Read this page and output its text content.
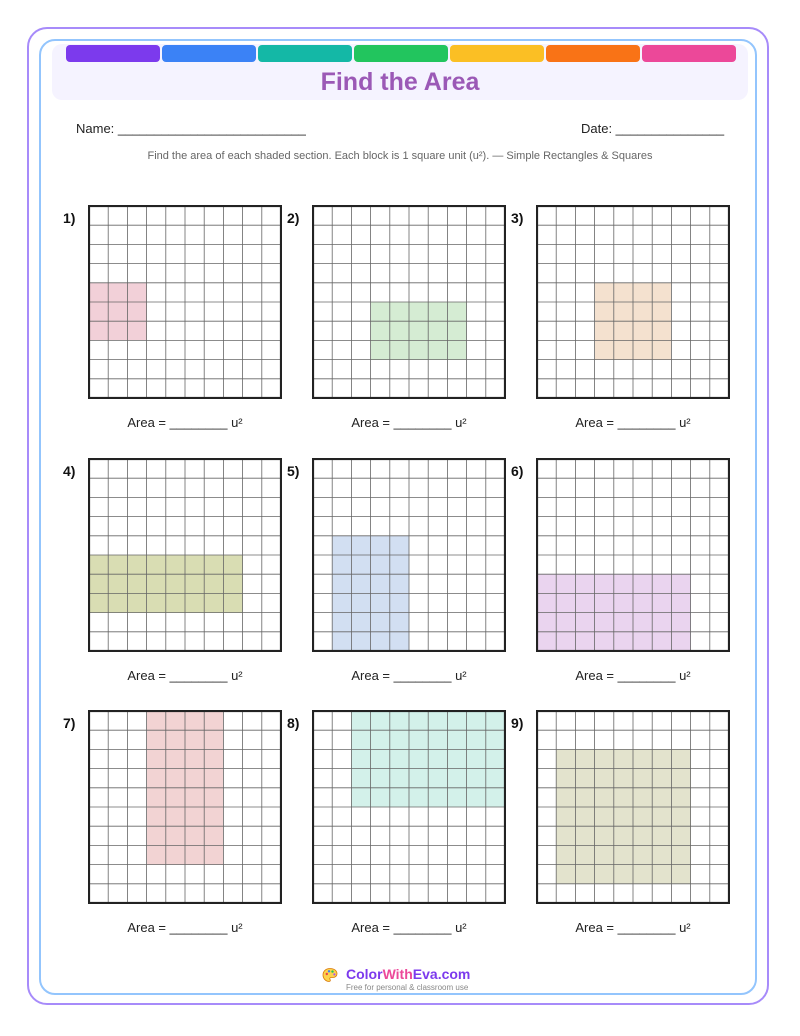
Find the Area
Name: __________________________	Date: _______________
Find the area of each shaded section. Each block is 1 square unit (u²). — Simple Rectangles & Squares
1)
Area = ________ u²
2)
Area = ________ u²
3)
Area = ________ u²
4)
Area = ________ u²
5)
Area = ________ u²
6)
Area = ________ u²
7)
Area = ________ u²
8)
Area = ________ u²
9)
Area = ________ u²
ColorWithEva.com
Free for personal & classroom use
